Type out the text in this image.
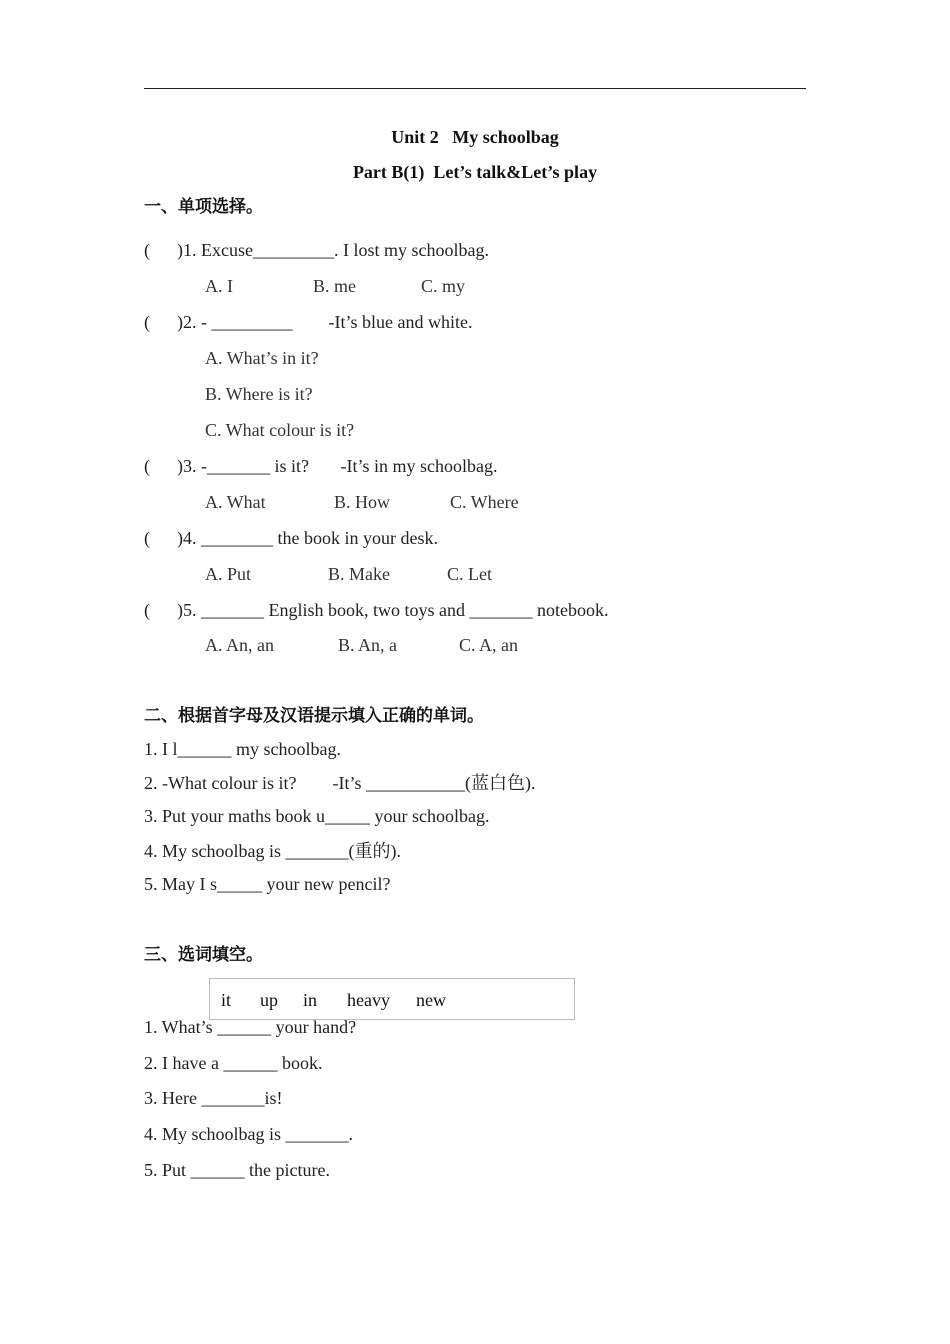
Unit 2   My schoolbag
Part B(1)  Let’s talk&Let’s play
一、单项选择。
(      )1. Excuse_________. I lost my schoolbag.
A. I	B. me	C. my
(      )2. - _________        -It’s blue and white.
A. What’s in it?
B. Where is it?
C. What colour is it?
(      )3. -_______ is it?       -It’s in my schoolbag.
A. What	B. How	C. Where
(      )4. ________ the book in your desk.
A. Put	B. Make	C. Let
(      )5. _______ English book, two toys and _______ notebook.
A. An, an	B. An, a	C. A, an
二、根据首字母及汉语提示填入正确的单词。
1. I l______ my schoolbag.
2. -What colour is it?        -It’s ___________(蓝白色).
3. Put your maths book u_____ your schoolbag.
4. My schoolbag is _______(重的).
5. May I s_____ your new pencil?
三、选词填空。
it up in heavy new
1. What’s ______ your hand?
2. I have a ______ book.
3. Here _______is!
4. My schoolbag is _______.
5. Put ______ the picture.
